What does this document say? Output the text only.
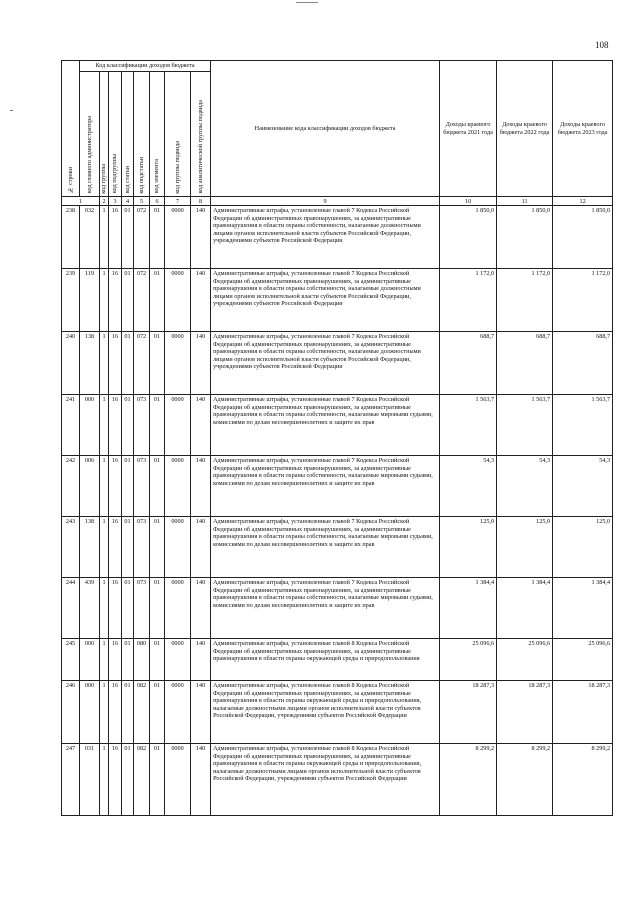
108
№ строки	Код классификации доходов бюджета								Наименование кода классификации доходов бюджета	Доходы краевого бюджета 2021 года	Доходы краевого бюджета 2022 года	Доходы краевого бюджета 2023 года
	код главного администратора	код группы	код подгруппы	код статьи	код подстатьи	код элемента	код группы подвида	код аналитической группы подвида				
1		2	3	4	5	6	7	8	9	10	11	12
238	032	1	16	01	072	01	0000	140	Административные штрафы, установленные главой 7 Кодекса Российской Федерации об административных правонарушениях, за административные правонарушения в области охраны собственности, налагаемые должностными лицами органов исполнительной власти субъектов Российской Федерации, учреждениями субъектов Российской Федерации	1 850,0	1 850,0	1 850,0
239	119	1	16	01	072	01	0000	140	Административные штрафы, установленные главой 7 Кодекса Российской Федерации об административных правонарушениях, за административные правонарушения в области охраны собственности, налагаемые должностными лицами органов исполнительной власти субъектов Российской Федерации, учреждениями субъектов Российской Федерации	1 172,0	1 172,0	1 172,0
240	138	1	16	01	072	01	0000	140	Административные штрафы, установленные главой 7 Кодекса Российской Федерации об административных правонарушениях, за административные правонарушения в области охраны собственности, налагаемые должностными лицами органов исполнительной власти субъектов Российской Федерации, учреждениями субъектов Российской Федерации	688,7	688,7	688,7
241	000	1	16	01	073	01	0000	140	Административные штрафы, установленные главой 7 Кодекса Российской Федерации об административных правонарушениях, за административные правонарушения в области охраны собственности, налагаемые мировыми судьями, комиссиями по делам несовершеннолетних и защите их прав	1 563,7	1 563,7	1 563,7
242	006	1	16	01	073	01	0000	140	Административные штрафы, установленные главой 7 Кодекса Российской Федерации об административных правонарушениях, за административные правонарушения в области охраны собственности, налагаемые мировыми судьями, комиссиями по делам несовершеннолетних и защите их прав	54,3	54,3	54,3
243	138	1	16	01	073	01	0000	140	Административные штрафы, установленные главой 7 Кодекса Российской Федерации об административных правонарушениях, за административные правонарушения в области охраны собственности, налагаемые мировыми судьями, комиссиями по делам несовершеннолетних и защите их прав	125,0	125,0	125,0
244	439	1	16	01	073	01	0000	140	Административные штрафы, установленные главой 7 Кодекса Российской Федерации об административных правонарушениях, за административные правонарушения в области охраны собственности, налагаемые мировыми судьями, комиссиями по делам несовершеннолетних и защите их прав	1 384,4	1 384,4	1 384,4
245	000	1	16	01	080	01	0000	140	Административные штрафы, установленные главой 8 Кодекса Российской Федерации об административных правонарушениях, за административные правонарушения в области охраны окружающей среды и природопользования	25 096,6	25 096,6	25 096,6
246	000	1	16	01	082	01	0000	140	Административные штрафы, установленные главой 8 Кодекса Российской Федерации об административных правонарушениях, за административные правонарушения в области охраны окружающей среды и природопользования, налагаемые должностными лицами органов исполнительной власти субъектов Российской Федерации, учреждениями субъектов Российской Федерации	18 287,3	18 287,3	18 287,3
247	031	1	16	01	082	01	0000	140	Административные штрафы, установленные главой 8 Кодекса Российской Федерации об административных правонарушениях, за административные правонарушения в области охраны окружающей среды и природопользования, налагаемые должностными лицами органов исполнительной власти субъектов Российской Федерации, учреждениями субъектов Российской Федерации	8 299,2	8 299,2	8 299,2
